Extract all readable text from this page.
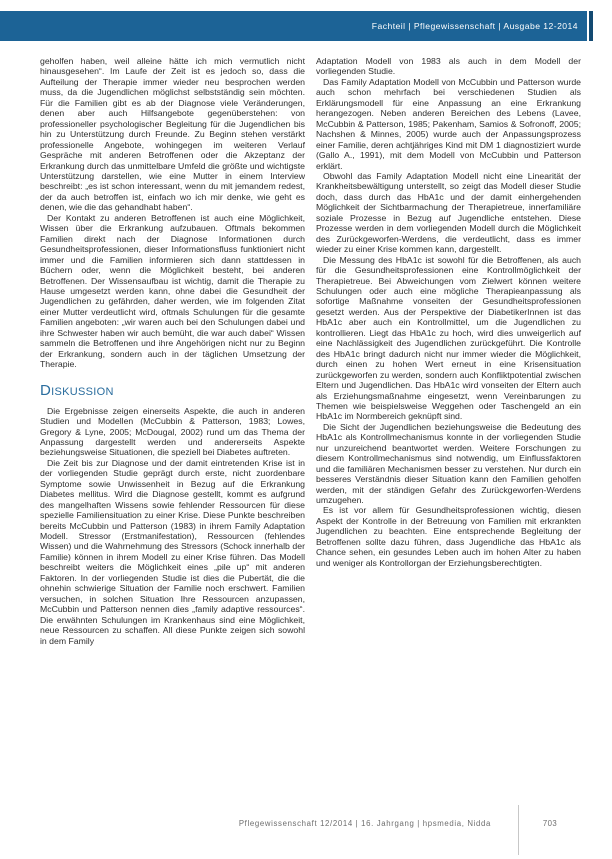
Fachteil | Pflegewissenschaft | Ausgabe 12-2014

geholfen haben, weil alleine hätte ich mich vermutlich nicht hinausgesehen“. Im Laufe der Zeit ist es jedoch so, dass die Aufteilung der Therapie immer wieder neu besprochen werden muss, da die Jugendlichen möglichst selbstständig sein möchten. Für die Familien gibt es ab der Diagnose viele Veränderungen, denen aber auch Hilfsangebote gegenüberstehen: von professioneller psychologischer Begleitung für die Jugendlichen bis hin zu Unterstützung durch Freunde. Zu Beginn stehen verstärkt professionelle Angebote, wohingegen im weiteren Verlauf Gespräche mit anderen Betroffenen oder die Akzeptanz der Erkrankung durch das unmittelbare Umfeld die größte und wichtigste Unterstützung darstellen, wie eine Mutter in einem Interview beschreibt: „es ist schon interessant, wenn du mit jemandem redest, der da auch betroffen ist, einfach wo ich mir denke, wie geht es denen, wie die das gehandhabt haben“.

Der Kontakt zu anderen Betroffenen ist auch eine Möglichkeit, Wissen über die Erkrankung aufzubauen. Oftmals bekommen Familien direkt nach der Diagnose Informationen durch Gesundheitsprofessionen, dieser Informationsfluss funktioniert nicht immer und die Familien informieren sich dann stattdessen in Büchern oder, wenn die Möglichkeit besteht, bei anderen Betroffenen. Der Wissensaufbau ist wichtig, damit die Therapie zu Hause umgesetzt werden kann, ohne dabei die Gesundheit der Jugendlichen zu gefährden, daher werden, wie im folgenden Zitat einer Mutter verdeutlicht wird, oftmals Schulungen für die gesamte Familien angeboten: „wir waren auch bei den Schulungen dabei und ihre Schwester haben wir auch bemüht, die war auch dabei“ Wissen sammeln die Betroffenen und ihre Angehörigen nicht nur zu Beginn der Erkrankung, sondern auch in der täglichen Umsetzung der Therapie.

Diskussion

Die Ergebnisse zeigen einerseits Aspekte, die auch in anderen Studien und Modellen (McCubbin & Patterson, 1983; Lowes, Gregory & Lyne, 2005; McDougal, 2002) rund um das Thema der Anpassung dargestellt werden und andererseits Aspekte beziehungsweise Situationen, die speziell bei Diabetes auftreten.

Die Zeit bis zur Diagnose und der damit eintretenden Krise ist in der vorliegenden Studie geprägt durch erste, nicht zuordenbare Symptome sowie Unwissenheit in Bezug auf die Erkrankung Diabetes mellitus. Wird die Diagnose gestellt, kommt es aufgrund des mangelhaften Wissens sowie fehlender Ressourcen für diese spezielle Familiensituation zu einer Krise. Diese Punkte beschreiben bereits McCubbin und Patterson (1983) in ihrem Family Adaptation Modell. Stressor (Erstmanifestation), Ressourcen (fehlendes Wissen) und die Wahrnehmung des Stressors (Schock innerhalb der Familie) können in ihrem Modell zu einer Krise führen. Das Modell beschreibt weiters die Möglichkeit eines „pile up“ mit anderen Faktoren. In der vorliegenden Studie ist dies die Pubertät, die die ohnehin schwierige Situation der Familie noch erschwert. Familien versuchen, in solchen Situation Ihre Ressourcen anzupassen, McCubbin und Patterson nennen dies „family adaptive ressources“. Die erwähnten Schulungen im Krankenhaus sind eine Möglichkeit, neue Ressourcen zu schaffen. All diese Punkte zeigen sich sowohl in dem Family

Adaptation Modell von 1983 als auch in dem Modell der vorliegenden Studie.

Das Family Adaptation Modell von McCubbin und Patterson wurde auch schon mehrfach bei verschiedenen Studien als Erklärungsmodell für eine Anpassung an eine Erkrankung herangezogen. Neben anderen Bereichen des Lebens (Lavee, McCubbin & Patterson, 1985; Pakenham, Samios & Sofronoff, 2005; Nachshen & Minnes, 2005) wurde auch der Anpassungsprozess einer Familie, deren achtjähriges Kind mit DM 1 diagnostiziert wurde (Gallo A., 1991), mit dem Modell von McCubbin und Patterson erklärt.

Obwohl das Family Adaptation Modell nicht eine Linearität der Krankheitsbewältigung unterstellt, so zeigt das Modell dieser Studie doch, dass durch das HbA1c und der damit einhergehenden Möglichkeit der Sichtbarmachung der Therapietreue, innerfamiliäre soziale Prozesse in Bezug auf Jugendliche entstehen. Diese Prozesse werden in dem vorliegenden Modell durch die Möglichkeit des Zurückgeworfen-Werdens, die verdeutlicht, dass es immer wieder zu einer Krise kommen kann, dargestellt.

Die Messung des HbA1c ist sowohl für die Betroffenen, als auch für die Gesundheitsprofessionen eine Kontrollmöglichkeit der Therapietreue. Bei Abweichungen vom Zielwert können weitere Schulungen oder auch eine mögliche Therapieanpassung als sofortige Maßnahme vonseiten der Gesundheitsprofessionen gesetzt werden. Aus der Perspektive der DiabetikerInnen ist das HbA1c aber auch ein Kontrollmittel, um die Jugendlichen zu kontrollieren. Liegt das HbA1c zu hoch, wird dies unweigerlich auf eine Nachlässigkeit des Jugendlichen zurückgeführt. Die Kontrolle des HbA1c bringt dadurch nicht nur immer wieder die Möglichkeit, durch einen zu hohen Wert erneut in eine Krisensituation zurückgeworfen zu werden, sondern auch Konfliktpotential zwischen Eltern und Jugendlichen. Das HbA1c wird vonseiten der Eltern auch als Erziehungsmaßnahme eingesetzt, wenn Vereinbarungen zu Themen wie beispielsweise Weggehen oder Taschengeld an ein HbA1c im Normbereich geknüpft sind.

Die Sicht der Jugendlichen beziehungsweise die Bedeutung des HbA1c als Kontrollmechanismus konnte in der vorliegenden Studie nur unzureichend beantwortet werden. Weitere Forschungen zu diesem Kontrollmechanismus sind notwendig, um Einflussfaktoren und die familiären Mechanismen besser zu verstehen. Nur durch ein besseres Verständnis dieser Situation kann den Familien geholfen werden, mit der ständigen Gefahr des Zurückgeworfen-Werdens umzugehen.

Es ist vor allem für Gesundheitsprofessionen wichtig, diesen Aspekt der Kontrolle in der Betreuung von Familien mit erkrankten Jugendlichen zu beachten. Eine entsprechende Begleitung der Betroffenen sollte dazu führen, dass Jugendliche das HbA1c als Chance sehen, ein gesundes Leben auch im hohen Alter zu haben und weniger als Kontrollorgan der Erziehungsberechtigten.

Pflegewissenschaft 12/2014 | 16. Jahrgang | hpsmedia, Nidda	703
